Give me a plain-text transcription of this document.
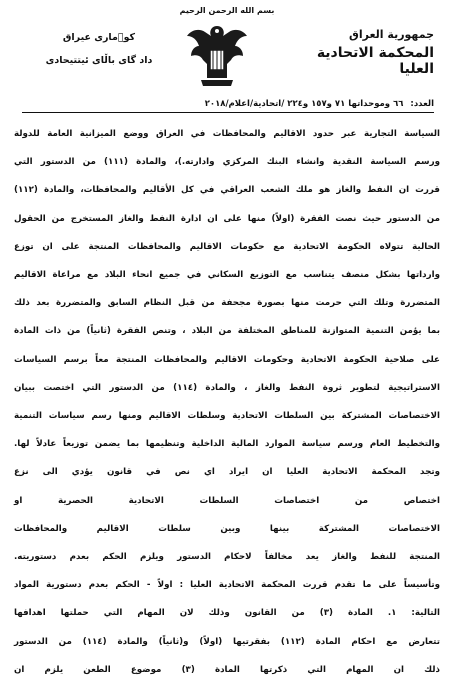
بسم الله الرحمن الرحيم
جمهورية العراق
المحكمة الاتحادية العليا
كو٘ماری عیراق
داد گای باڵای ئیتتیحادی
العدد: ٦٦ وموحداتها ٧١ و١٥٧ و٢٢٤ /اتحادية/اعلام/٢٠١٨
السياسة التجارية عبر حدود الاقاليم والمحافظات في العراق ووضع الميزانية العامة للدولة
ورسم السياسة النقدية وانشاء البنك المركزي وادارته.)، والمادة (١١١) من الدستور التي
قررت ان النفط والغاز هو ملك الشعب العراقي في كل الأقاليم والمحافظات، والمادة (١١٢)
من الدستور حيث نصت الفقرة (اولاً) منها على ان ادارة النفط والغاز المستخرج من الحقول
الحالية تتولاه الحكومة الاتحادية مع حكومات الاقاليم والمحافظات المنتجة على ان توزع
وارداتها بشكل منصف يتناسب مع التوزيع السكاني في جميع انحاء البلاد مع مراعاة الاقاليم
المتضررة وتلك التي حرمت منها بصورة مجحفة من قبل النظام السابق والمتضررة بعد ذلك
بما يؤمن التنمية المتوازنة للمناطق المختلفة من البلاد ، وتنص الفقرة (ثانياً) من ذات المادة
على صلاحية الحكومة الاتحادية وحكومات الاقاليم والمحافظات المنتجة معاً برسم السياسات
الاستراتيجية لتطوير ثروة النفط والغاز ، والمادة (١١٤) من الدستور التي اختصت ببيان
الاختصاصات المشتركة بين السلطات الاتحادية وسلطات الاقاليم ومنها رسم سياسات التنمية
والتخطيط العام ورسم سياسة الموارد المالية الداخلية وتنظيمها بما يضمن توزيعاً عادلاً لها.
وتجد المحكمة الاتحادية العليا ان ايراد اي نص في قانون يؤدي الى نزع
اختصاص من اختصاصات السلطات الاتحادية الحصرية او
الاختصاصات المشتركة بينها وبين سلطات الاقاليم والمحافظات
المنتجة للنفط والغاز يعد مخالفاً لاحكام الدستور ويلزم الحكم بعدم دستوريته.
وتأسيساً على ما تقدم قررت المحكمة الاتحادية العليا : اولاً - الحكم بعدم دستورية المواد
التالية: ١. المادة (٣) من القانون وذلك لان المهام التي حملتها اهدافها
تتعارض مع احكام المادة (١١٢) بفقرتيها (اولاً) و(ثانياً) والمادة (١١٤) من الدستور
ذلك ان المهام التي ذكرتها المادة (٣) موضوع الطعن يلزم ان
